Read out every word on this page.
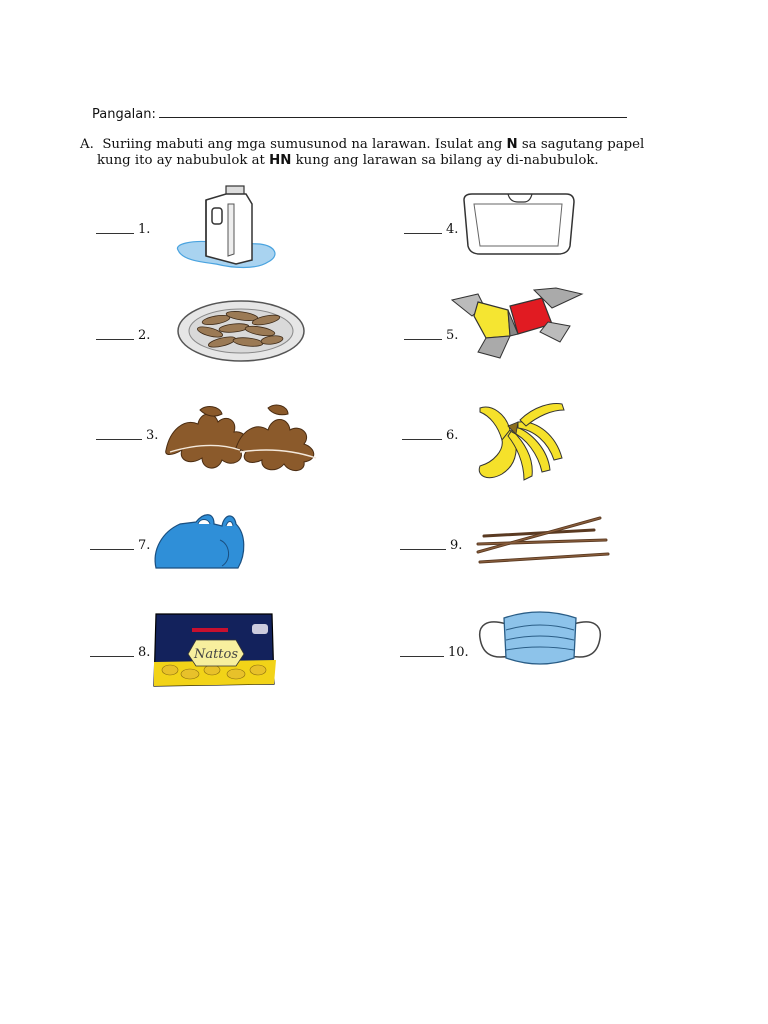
Pangalan:
A. Suriing mabuti ang mga sumusunod na larawan. Isulat ang N sa sagutang papel
kung ito ay nabubulok at HN kung ang larawan sa bilang ay di-nabubulok.
1.
2.
3.
4.
5.
6.
7.
8.
9.
10.
Nattos
